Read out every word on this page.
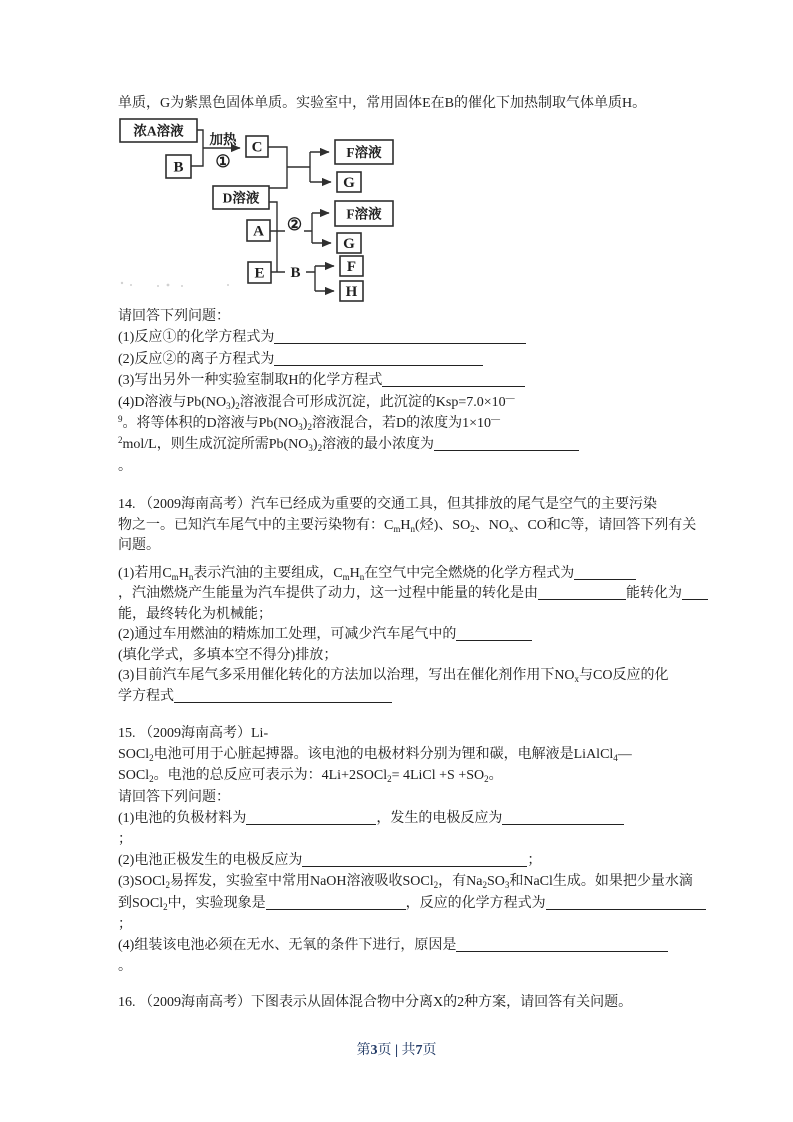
单质，G为紫黑色固体单质。实验室中，常用固体E在B的催化下加热制取气体单质H。
浓A溶液
B
C
D溶液
A
E
F溶液
G
F溶液
G
F
H
加热
①
②
B
请回答下列问题：
(1)反应①的化学方程式为
(2)反应②的离子方程式为
(3)写出另外一种实验室制取H的化学方程式
(4)D溶液与$Pb(NO_3)_2$溶液混合可形成沉淀，此沉淀的Ksp=7.0×10—
$^9$。将等体积的D溶液与$Pb(NO_3)_2$溶液混合，若D的浓度为1×10—
$^2$mol/L，则生成沉淀所需$Pb(NO_3)_2$溶液的最小浓度为
。
14. （2009海南高考）汽车已经成为重要的交通工具，但其排放的尾气是空气的主要污染
物之一。已知汽车尾气中的主要污染物有：$C_mH_n$(烃)、$SO_2$、$NO_x$、CO和C等，请回答下列有关
问题。
(1)若用$C_mH_n$表示汽油的主要组成，$C_mH_n$在空气中完全燃烧的化学方程式为
，汽油燃烧产生能量为汽车提供了动力，这一过程中能量的转化是由	能转化为
能，最终转化为机械能；
(2)通过车用燃油的精炼加工处理，可减少汽车尾气中的
(填化学式，多填本空不得分)排放；
(3)目前汽车尾气多采用催化转化的方法加以治理，写出在催化剂作用下$NO_x$与CO反应的化
学方程式
15. （2009海南高考）Li-
SOCl$_2$电池可用于心脏起搏器。该电池的电极材料分别为锂和碳，电解液是LiAlCl$_4$—
SOCl$_2$。电池的总反应可表示为：4Li+2SOCl$_2$= 4LiCl $+S +SO_2$。
请回答下列问题：
(1)电池的负极材料为	，发生的电极反应为
；
(2)电池正极发生的电极反应为	；
(3)SOCl$_2$易挥发，实验室中常用NaOH溶液吸收SOCl$_2$，有$Na_2SO_3$和NaCl生成。如果把少量水滴
到SOCl$_2$中，实验现象是	，反应的化学方程式为
；
(4)组装该电池必须在无水、无氧的条件下进行，原因是
。
16. （2009海南高考）下图表示从固体混合物中分离X的2种方案，请回答有关问题。
第3页 | 共7页
